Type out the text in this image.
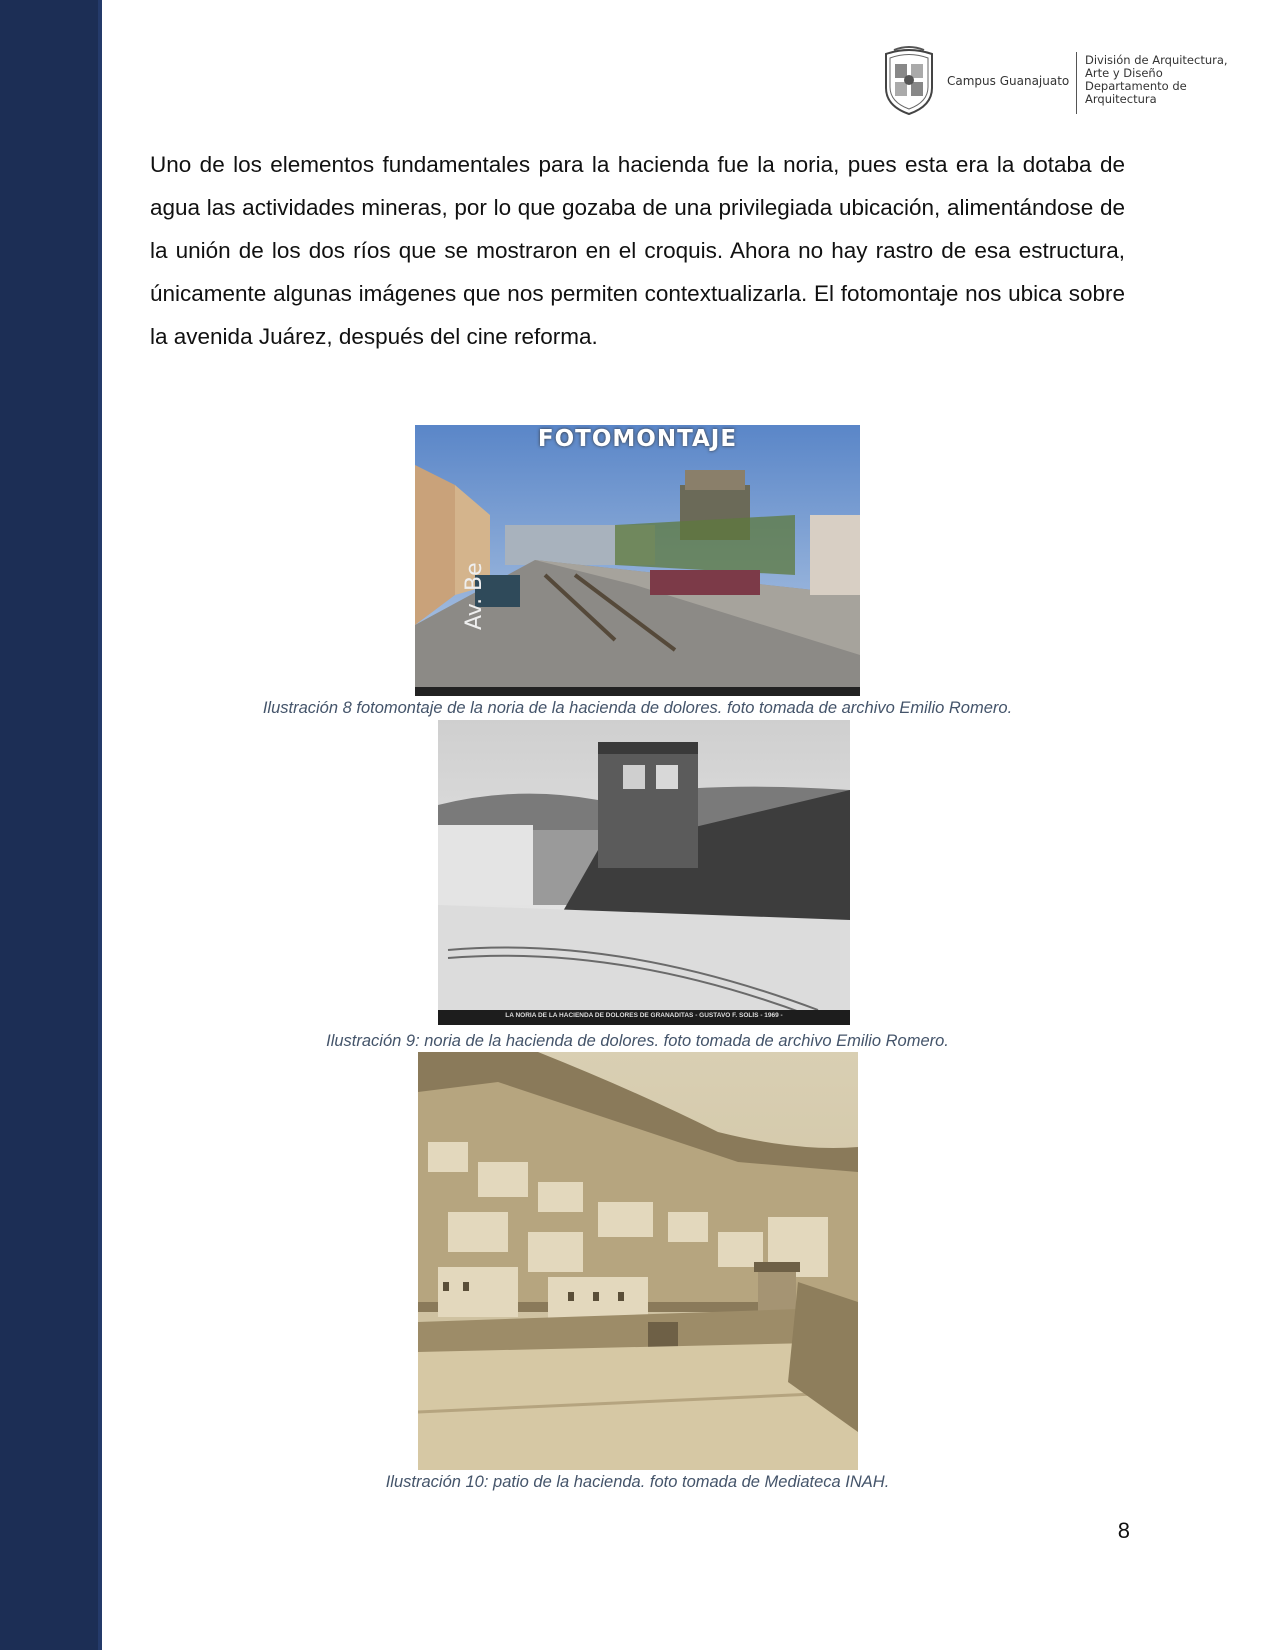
Campus Guanajuato
División de Arquitectura,
Arte y Diseño
Departamento de
Arquitectura
Uno de los elementos fundamentales para la hacienda fue la noria, pues esta era la dotaba de agua las actividades mineras, por lo que gozaba de una privilegiada ubicación, alimentándose de la unión de los dos ríos que se mostraron en el croquis. Ahora no hay rastro de esa estructura, únicamente algunas imágenes que nos permiten contextualizarla. El fotomontaje nos ubica sobre la avenida Juárez, después del cine reforma.
FOTOMONTAJE
Av. Be
Ilustración 8 fotomontaje de la noria de la hacienda de dolores. foto tomada de archivo Emilio Romero.
LA NORIA DE LA HACIENDA DE DOLORES DE GRANADITAS - GUSTAVO F. SOLÍS - 1969 -
Ilustración 9: noria de la hacienda de dolores. foto tomada de archivo Emilio Romero.
Ilustración 10: patio de la hacienda. foto tomada de Mediateca INAH.
8
